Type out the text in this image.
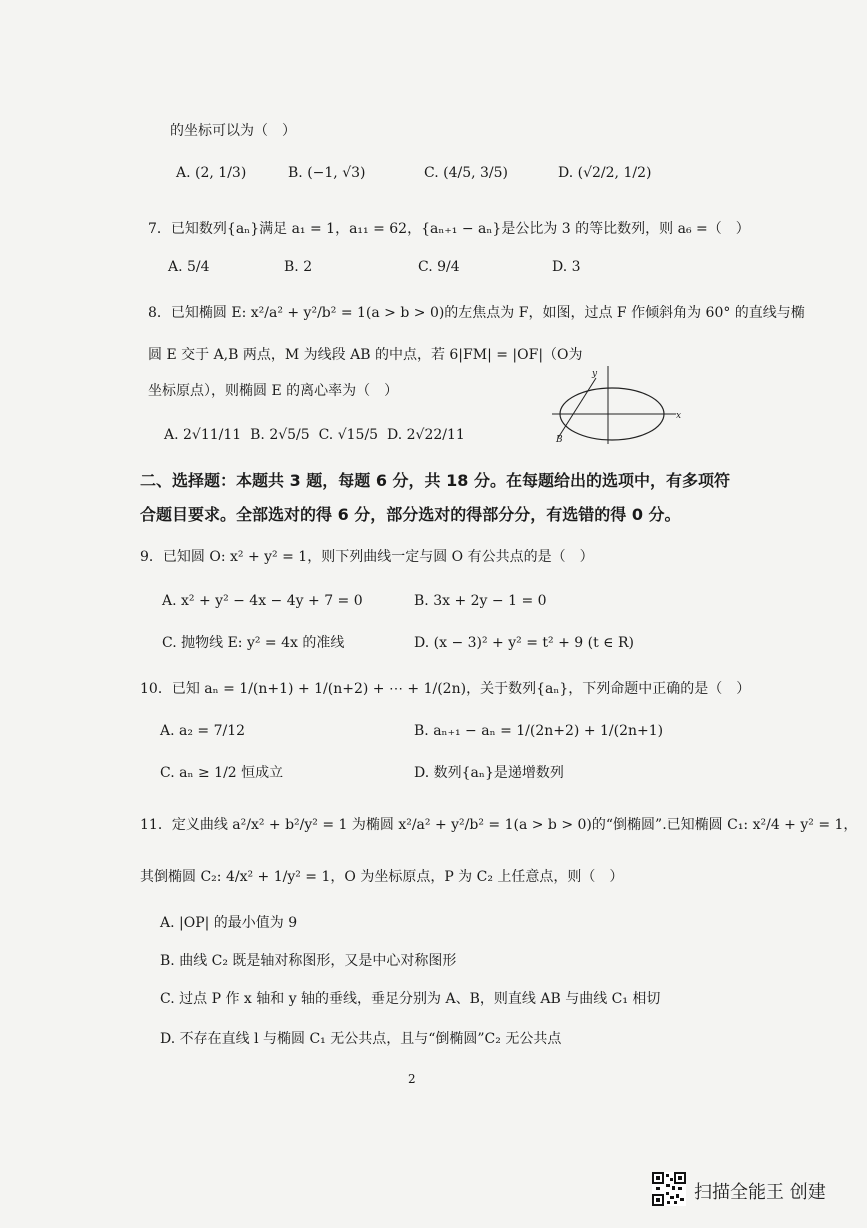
的坐标可以为（　）
A. (2, 1/3)	B. (−1, √3)	C. (4/5, 3/5)	D. (√2/2, 1/2)
7．已知数列{aₙ}满足 a₁ = 1，a₁₁ = 62，{aₙ₊₁ − aₙ}是公比为 3 的等比数列，则 a₆ =（　）
A. 5/4	B. 2	C. 9/4	D. 3
8．已知椭圆 E: x²/a² + y²/b² = 1(a > b > 0)的左焦点为 F，如图，过点 F 作倾斜角为 60° 的直线与椭
圆 E 交于 A,B 两点，M 为线段 AB 的中点，若 6|FM| = |OF|（O为
坐标原点），则椭圆 E 的离心率为（　）
A. 2√11/11 B. 2√5/5 C. √15/5 D. 2√22/11
x
y
B
二、选择题：本题共 3 题，每题 6 分，共 18 分。在每题给出的选项中，有多项符
合题目要求。全部选对的得 6 分，部分选对的得部分分，有选错的得 0 分。
9．已知圆 O: x² + y² = 1，则下列曲线一定与圆 O 有公共点的是（　）
A. x² + y² − 4x − 4y + 7 = 0	B. 3x + 2y − 1 = 0
C. 抛物线 E: y² = 4x 的准线	D. (x − 3)² + y² = t² + 9 (t ∈ R)
10．已知 aₙ = 1/(n+1) + 1/(n+2) + ⋯ + 1/(2n)，关于数列{aₙ}，下列命题中正确的是（　）
A. a₂ = 7/12	B. aₙ₊₁ − aₙ = 1/(2n+2) + 1/(2n+1)
C. aₙ ≥ 1/2 恒成立	D. 数列{aₙ}是递增数列
11．定义曲线 a²/x² + b²/y² = 1 为椭圆 x²/a² + y²/b² = 1(a > b > 0)的“倒椭圆”.已知椭圆 C₁: x²/4 + y² = 1，
其倒椭圆 C₂: 4/x² + 1/y² = 1，O 为坐标原点，P 为 C₂ 上任意点，则（　）
A. |OP| 的最小值为 9
B. 曲线 C₂ 既是轴对称图形，又是中心对称图形
C. 过点 P 作 x 轴和 y 轴的垂线，垂足分别为 A、B，则直线 AB 与曲线 C₁ 相切
D. 不存在直线 l 与椭圆 C₁ 无公共点，且与“倒椭圆”C₂ 无公共点
2
扫描全能王 创建
